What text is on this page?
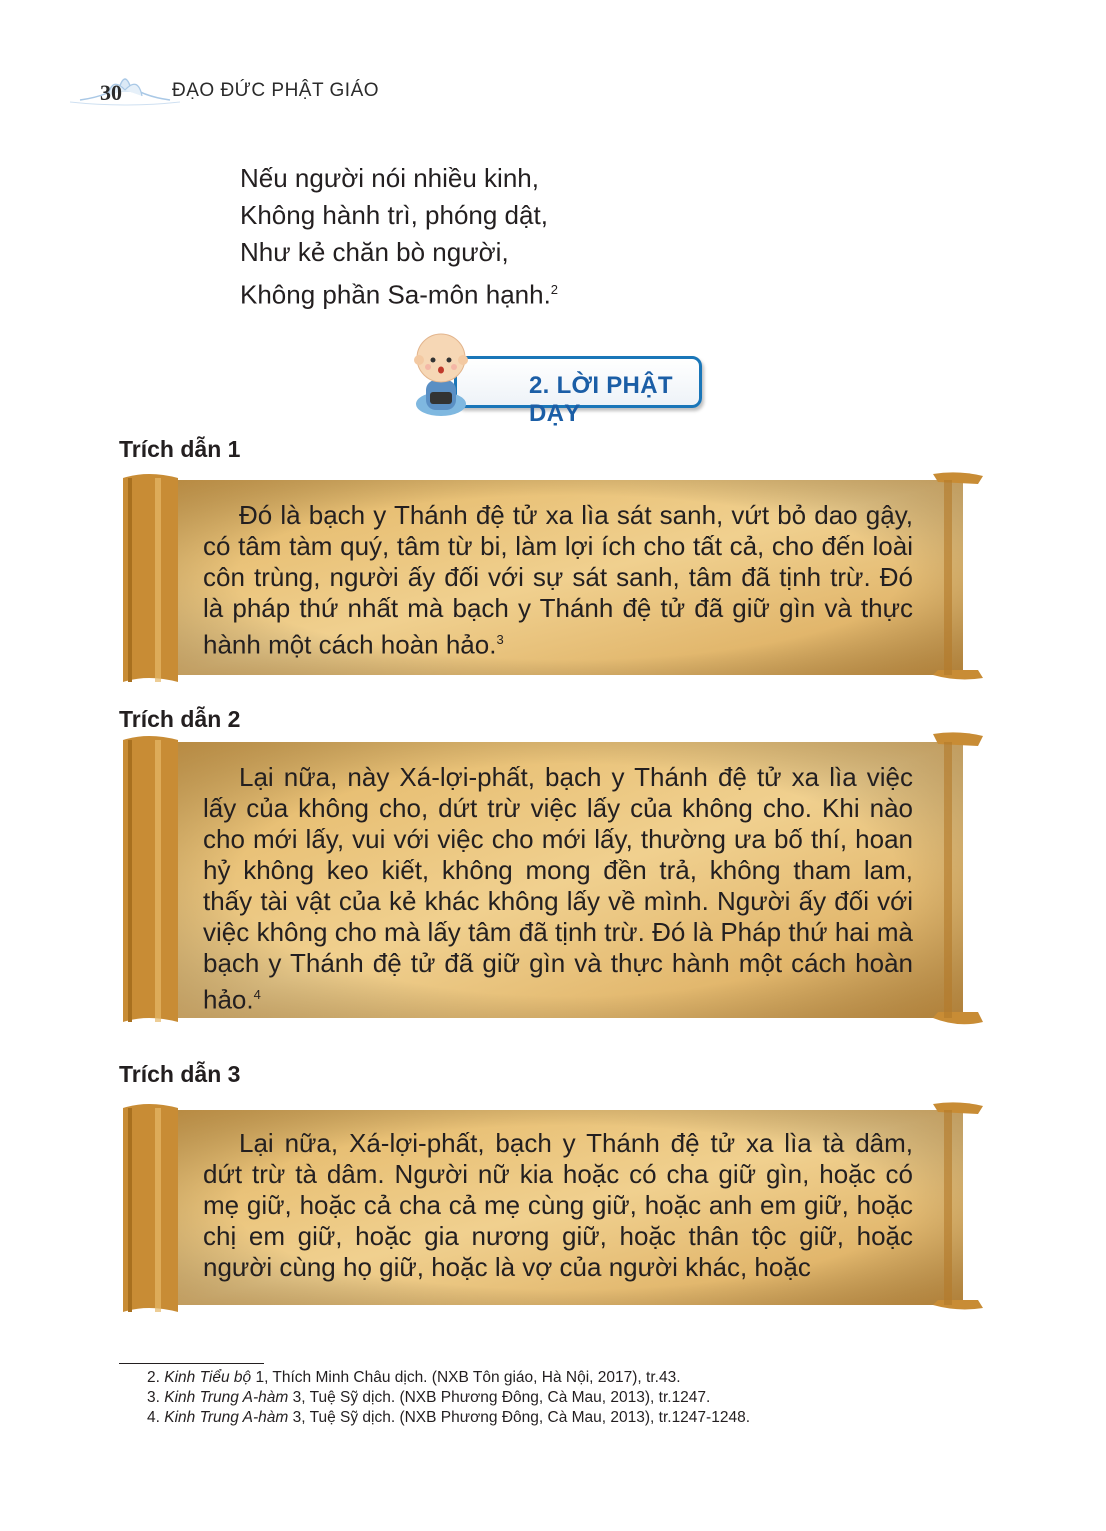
30	ĐẠO ĐỨC PHẬT GIÁO
Nếu người nói nhiều kinh,
Không hành trì, phóng dật,
Như kẻ chăn bò người,
Không phần Sa-môn hạnh.$^2$
2. LỜI PHẬT DẠY
Trích dẫn 1
Đó là bạch y Thánh đệ tử xa lìa sát sanh, vứt bỏ dao gậy, có tâm tàm quý, tâm từ bi, làm lợi ích cho tất cả, cho đến loài côn trùng, người ấy đối với sự sát sanh, tâm đã tịnh trừ. Đó là pháp thứ nhất mà bạch y Thánh đệ tử đã giữ gìn và thực hành một cách hoàn hảo.$^3$
Trích dẫn 2
Lại nữa, này Xá-lợi-phất, bạch y Thánh đệ tử xa lìa việc lấy của không cho, dứt trừ việc lấy của không cho. Khi nào cho mới lấy, vui với việc cho mới lấy, thường ưa bố thí, hoan hỷ không keo kiết, không mong đền trả, không tham lam, thấy tài vật của kẻ khác không lấy về mình. Người ấy đối với việc không cho mà lấy tâm đã tịnh trừ. Đó là Pháp thứ hai mà bạch y Thánh đệ tử đã giữ gìn và thực hành một cách hoàn hảo.$^4$
Trích dẫn 3
Lại nữa, Xá-lợi-phất, bạch y Thánh đệ tử xa lìa tà dâm, dứt trừ tà dâm. Người nữ kia hoặc có cha giữ gìn, hoặc có mẹ giữ, hoặc cả cha cả mẹ cùng giữ, hoặc anh em giữ, hoặc chị em giữ, hoặc gia nương giữ, hoặc thân tộc giữ, hoặc người cùng họ giữ, hoặc là vợ của người khác, hoặc
2. Kinh Tiểu bộ 1, Thích Minh Châu dịch. (NXB Tôn giáo, Hà Nội, 2017), tr.43.
3. Kinh Trung A-hàm 3, Tuệ Sỹ dịch. (NXB Phương Đông, Cà Mau, 2013), tr.1247.
4. Kinh Trung A-hàm 3, Tuệ Sỹ dịch. (NXB Phương Đông, Cà Mau, 2013), tr.1247-1248.
